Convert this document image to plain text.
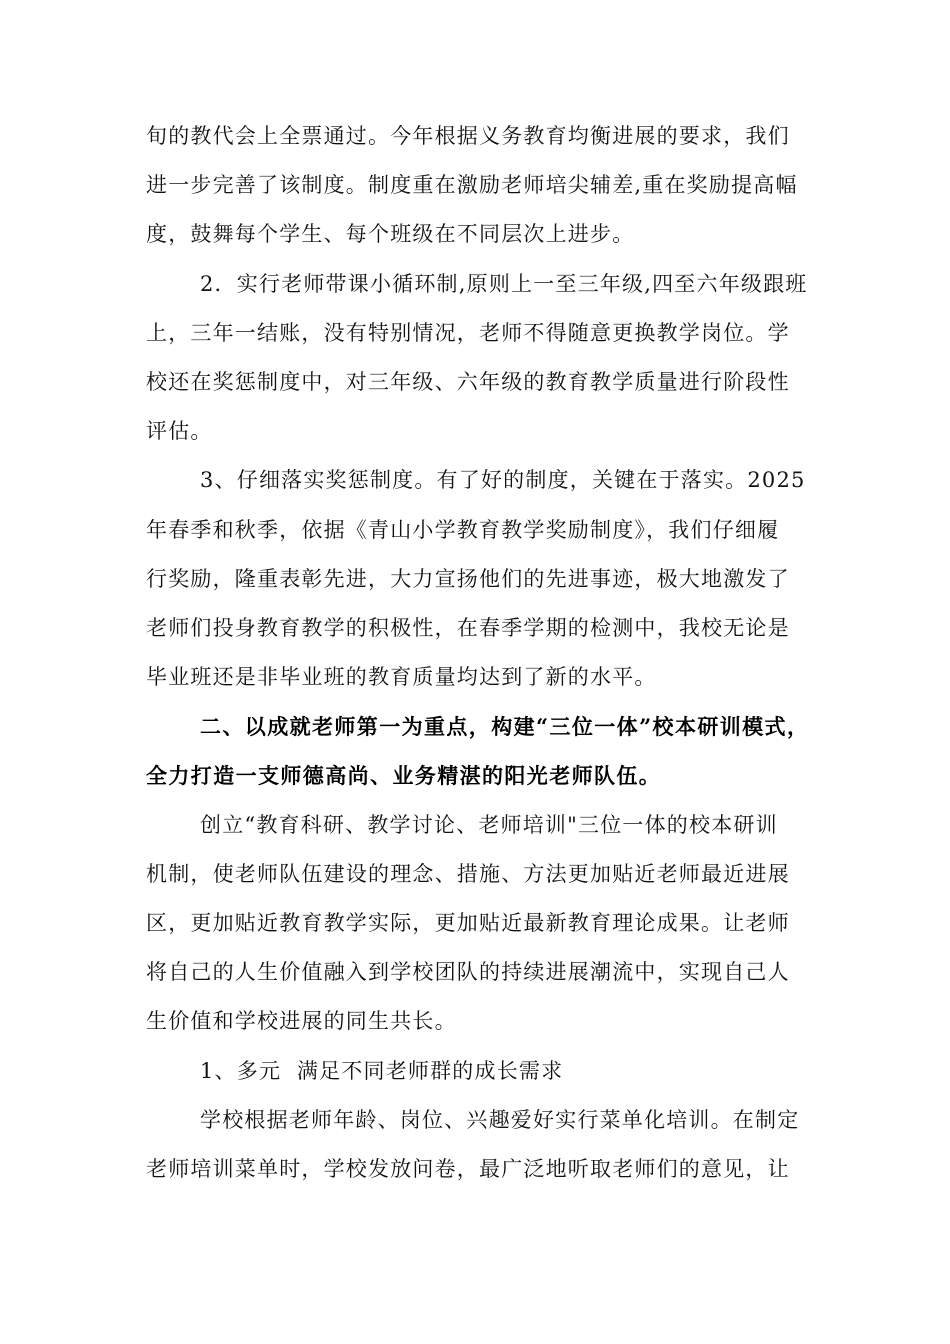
旬的教代会上全票通过。今年根据义务教育均衡进展的要求，我们
进一步完善了该制度。制度重在激励老师培尖辅差,重在奖励提高幅
度，鼓舞每个学生、每个班级在不同层次上进步。
2．实行老师带课小循环制,原则上一至三年级,四至六年级跟班
上，三年一结账，没有特别情况，老师不得随意更换教学岗位。学
校还在奖惩制度中，对三年级、六年级的教育教学质量进行阶段性
评估。
3、仔细落实奖惩制度。有了好的制度，关键在于落实。2025
年春季和秋季，依据《青山小学教育教学奖励制度》，我们仔细履
行奖励，隆重表彰先进，大力宣扬他们的先进事迹，极大地激发了
老师们投身教育教学的积极性，在春季学期的检测中，我校无论是
毕业班还是非毕业班的教育质量均达到了新的水平。
二、以成就老师第一为重点，构建“三位一体”校本研训模式，
全力打造一支师德高尚、业务精湛的阳光老师队伍。
创立“教育科研、教学讨论、老师培训"三位一体的校本研训
机制，使老师队伍建设的理念、措施、方法更加贴近老师最近进展
区，更加贴近教育教学实际，更加贴近最新教育理论成果。让老师
将自己的人生价值融入到学校团队的持续进展潮流中，实现自己人
生价值和学校进展的同生共长。
1、多元  满足不同老师群的成长需求
学校根据老师年龄、岗位、兴趣爱好实行菜单化培训。在制定
老师培训菜单时，学校发放问卷，最广泛地听取老师们的意见，让
